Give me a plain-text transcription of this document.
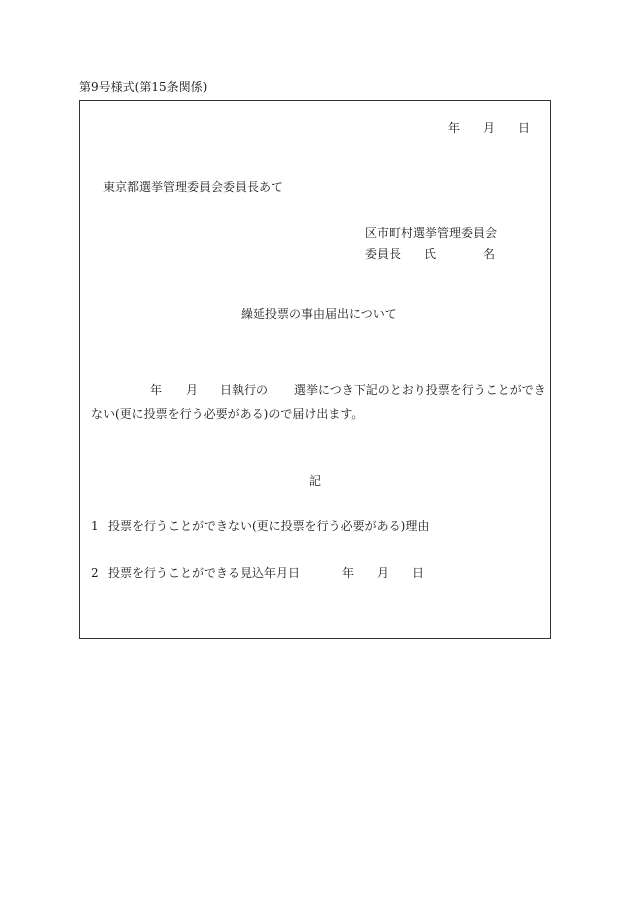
第9号様式(第15条関係)
年 月 日
東京都選挙管理委員会委員長あて
区市町村選挙管理委員会
委員長 氏	名
繰延投票の事由届出について
年 月 日執行の 選挙につき下記のとおり投票を行うことができ
ない(更に投票を行う必要がある)ので届け出ます。
記
1 投票を行うことができない(更に投票を行う必要がある)理由
2 投票を行うことができる見込年月日	年 月 日
